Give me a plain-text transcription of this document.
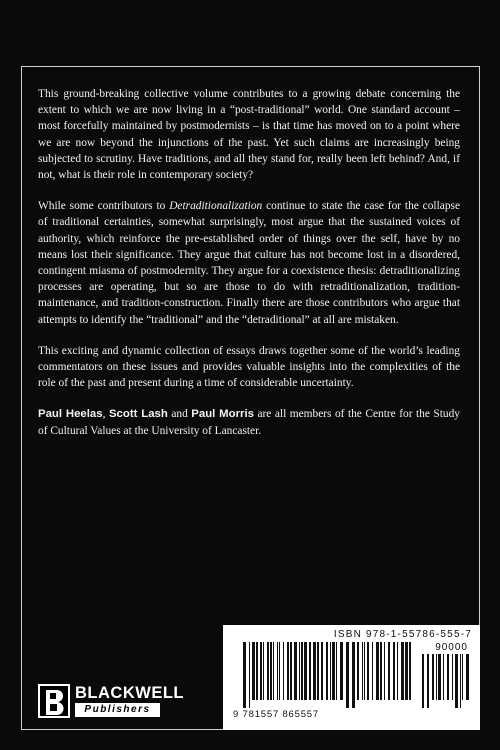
This ground-breaking collective volume contributes to a growing debate concerning the extent to which we are now living in a “post-traditional” world. One standard account – most forcefully maintained by postmodernists – is that time has moved on to a point where we are now beyond the injunctions of the past. Yet such claims are increasingly being subjected to scrutiny. Have traditions, and all they stand for, really been left behind? And, if not, what is their role in contemporary society?

While some contributors to Detraditionalization continue to state the case for the collapse of traditional certainties, somewhat surprisingly, most argue that the sustained voices of authority, which reinforce the pre-established order of things over the self, have by no means lost their significance. They argue that culture has not become lost in a disordered, contingent miasma of postmodernity. They argue for a coexistence thesis: detraditionalizing processes are operating, but so are those to do with retraditionalization, tradition-maintenance, and tradition-construction. Finally there are those contributors who argue that attempts to identify the “traditional” and the “detraditional” at all are mistaken.

This exciting and dynamic collection of essays draws together some of the world’s leading commentators on these issues and provides valuable insights into the complexities of the role of the past and present during a time of considerable uncertainty.

Paul Heelas, Scott Lash and Paul Morris are all members of the Centre for the Study of Cultural Values at the University of Lancaster.

BLACKWELL
Publishers
ISBN 978-1-55786-555-7
90000
9 781557 865557
